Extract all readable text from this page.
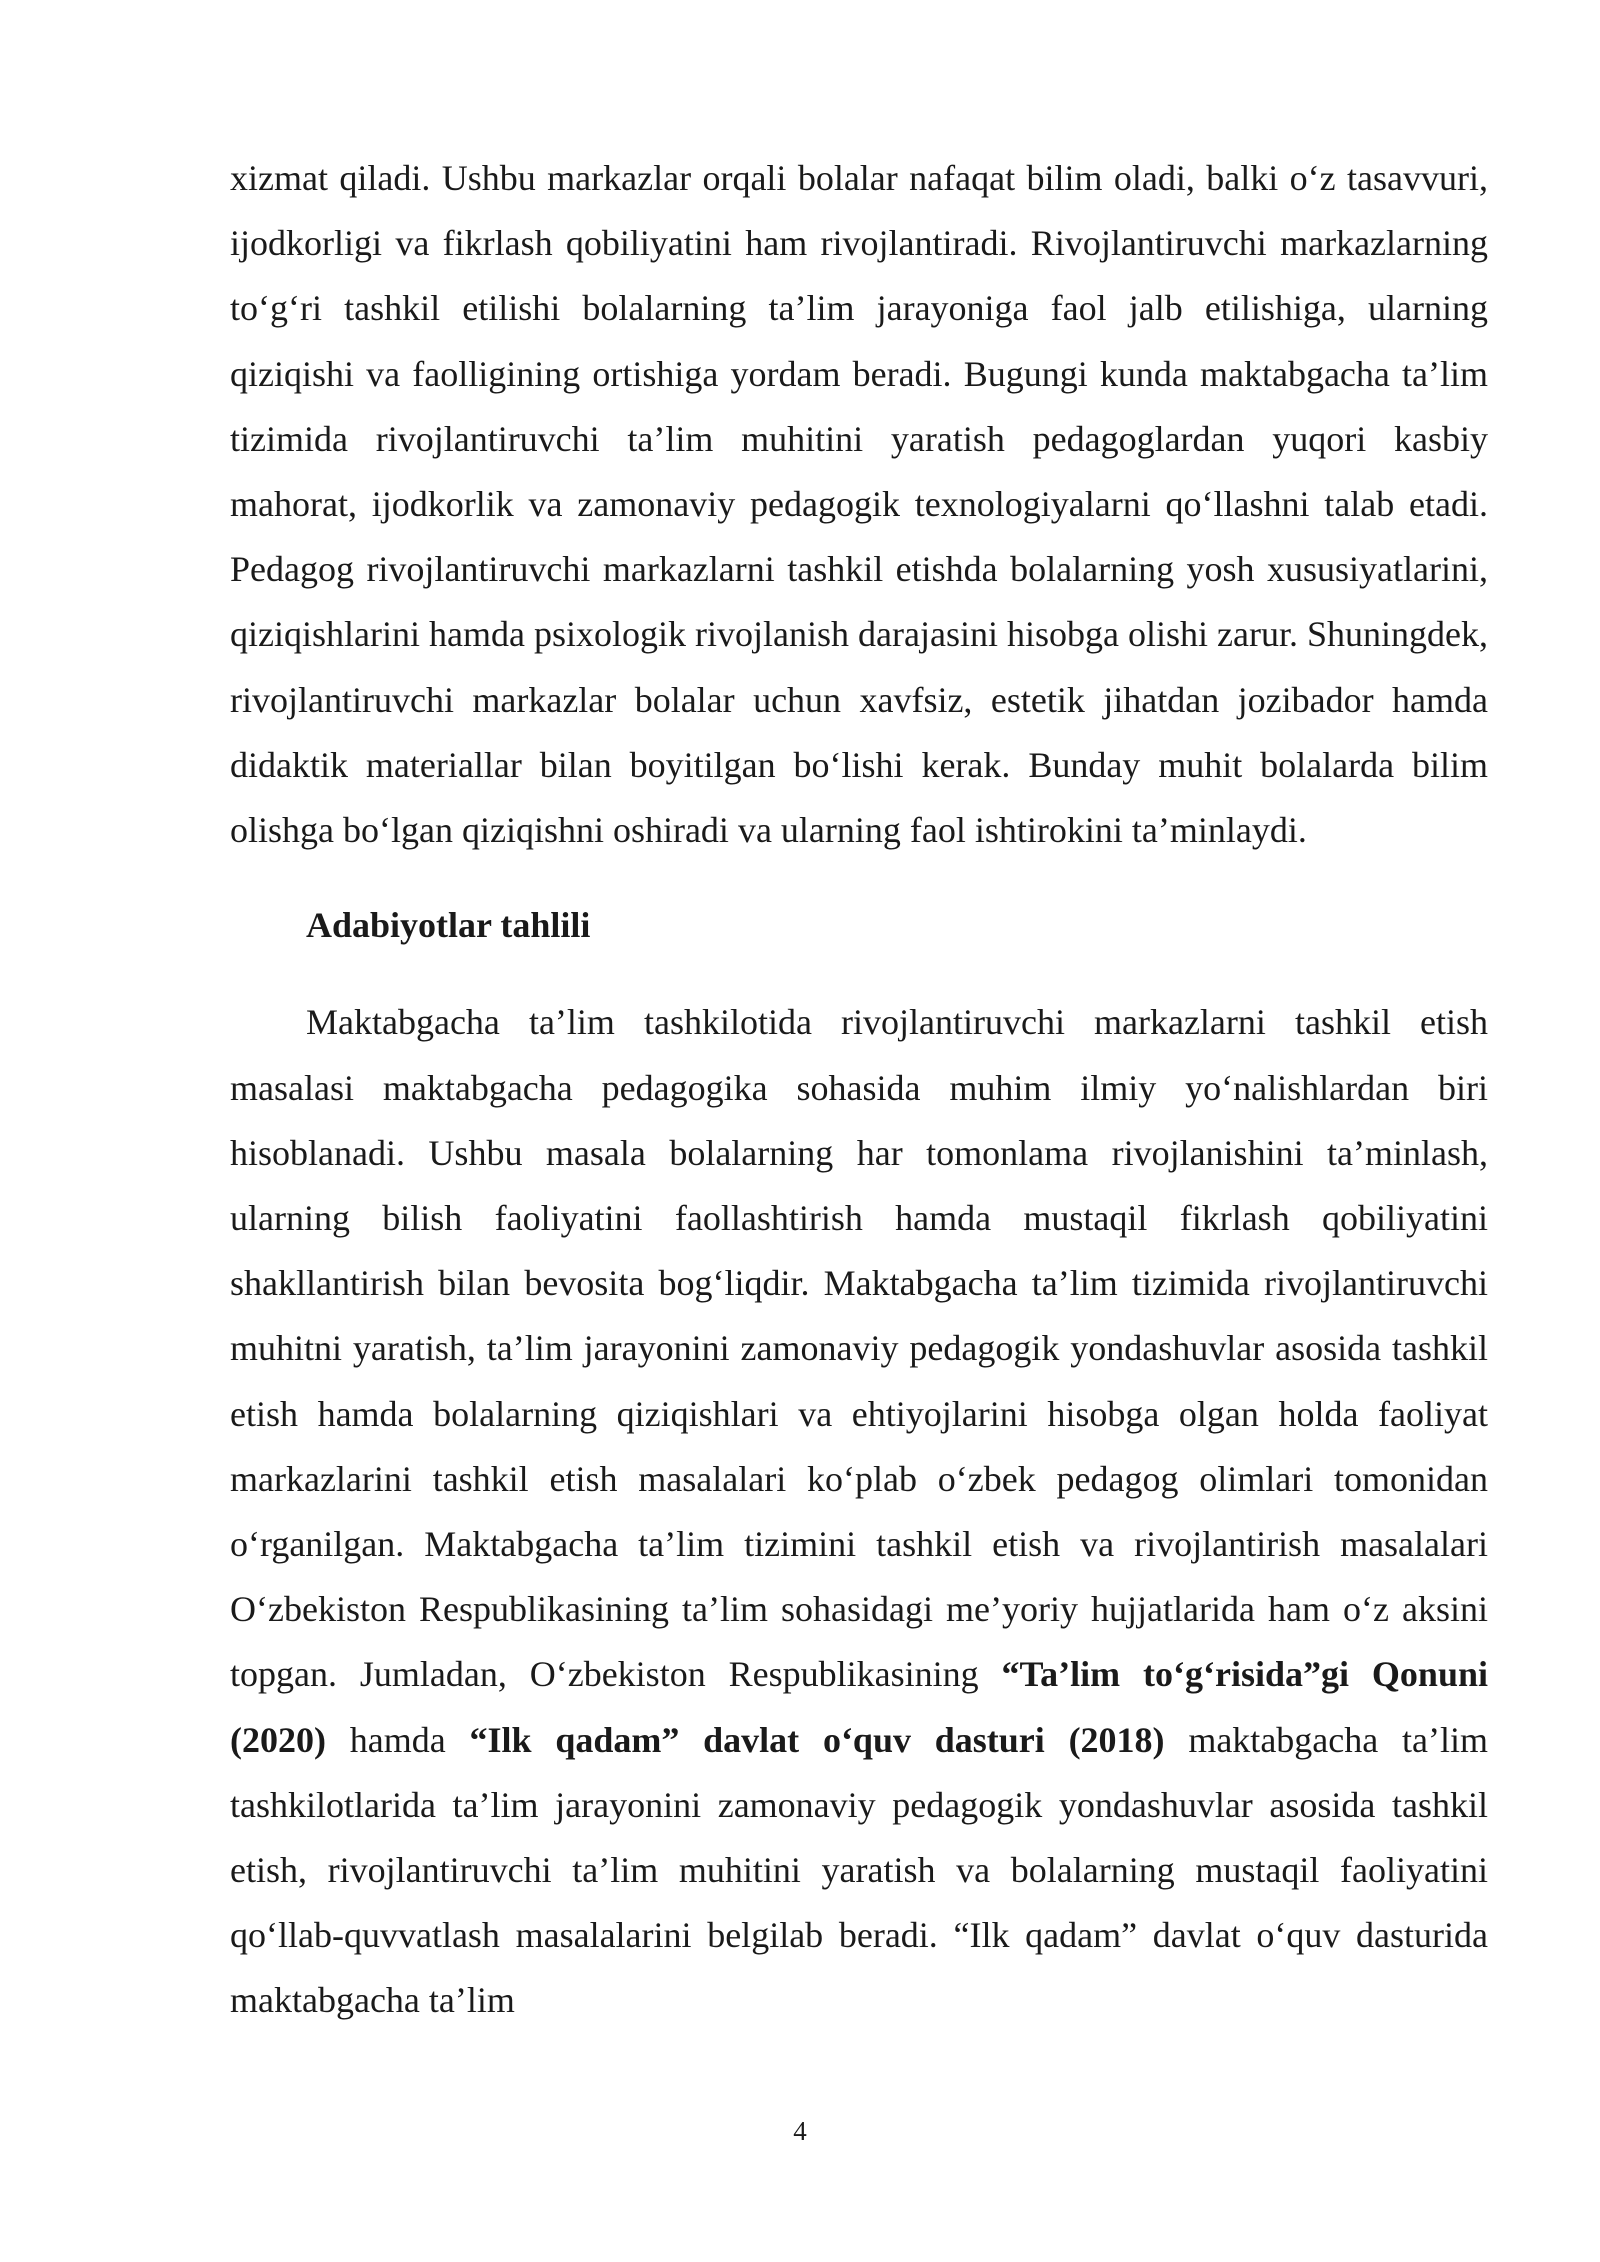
xizmat qiladi. Ushbu markazlar orqali bolalar nafaqat bilim oladi, balki o‘z tasavvuri, ijodkorligi va fikrlash qobiliyatini ham rivojlantiradi. Rivojlantiruvchi markazlarning to‘g‘ri tashkil etilishi bolalarning ta’lim jarayoniga faol jalb etilishiga, ularning qiziqishi va faolligining ortishiga yordam beradi. Bugungi kunda maktabgacha ta’lim tizimida rivojlantiruvchi ta’lim muhitini yaratish pedagoglardan yuqori kasbiy mahorat, ijodkorlik va zamonaviy pedagogik texnologiyalarni qo‘llashni talab etadi. Pedagog rivojlantiruvchi markazlarni tashkil etishda bolalarning yosh xususiyatlarini, qiziqishlarini hamda psixologik rivojlanish darajasini hisobga olishi zarur. Shuningdek, rivojlantiruvchi markazlar bolalar uchun xavfsiz, estetik jihatdan jozibador hamda didaktik materiallar bilan boyitilgan bo‘lishi kerak. Bunday muhit bolalarda bilim olishga bo‘lgan qiziqishni oshiradi va ularning faol ishtirokini ta’minlaydi.

Adabiyotlar tahlili

Maktabgacha ta’lim tashkilotida rivojlantiruvchi markazlarni tashkil etish masalasi maktabgacha pedagogika sohasida muhim ilmiy yo‘nalishlardan biri hisoblanadi. Ushbu masala bolalarning har tomonlama rivojlanishini ta’minlash, ularning bilish faoliyatini faollashtirish hamda mustaqil fikrlash qobiliyatini shakllantirish bilan bevosita bog‘liqdir. Maktabgacha ta’lim tizimida rivojlantiruvchi muhitni yaratish, ta’lim jarayonini zamonaviy pedagogik yondashuvlar asosida tashkil etish hamda bolalarning qiziqishlari va ehtiyojlarini hisobga olgan holda faoliyat markazlarini tashkil etish masalalari ko‘plab o‘zbek pedagog olimlari tomonidan o‘rganilgan. Maktabgacha ta’lim tizimini tashkil etish va rivojlantirish masalalari O‘zbekiston Respublikasining ta’lim sohasidagi me’yoriy hujjatlarida ham o‘z aksini topgan. Jumladan, O‘zbekiston Respublikasining “Ta’lim to‘g‘risida”gi Qonuni (2020) hamda “Ilk qadam” davlat o‘quv dasturi (2018) maktabgacha ta’lim tashkilotlarida ta’lim jarayonini zamonaviy pedagogik yondashuvlar asosida tashkil etish, rivojlantiruvchi ta’lim muhitini yaratish va bolalarning mustaqil faoliyatini qo‘llab-quvvatlash masalalarini belgilab beradi. “Ilk qadam” davlat o‘quv dasturida maktabgacha ta’lim

4
